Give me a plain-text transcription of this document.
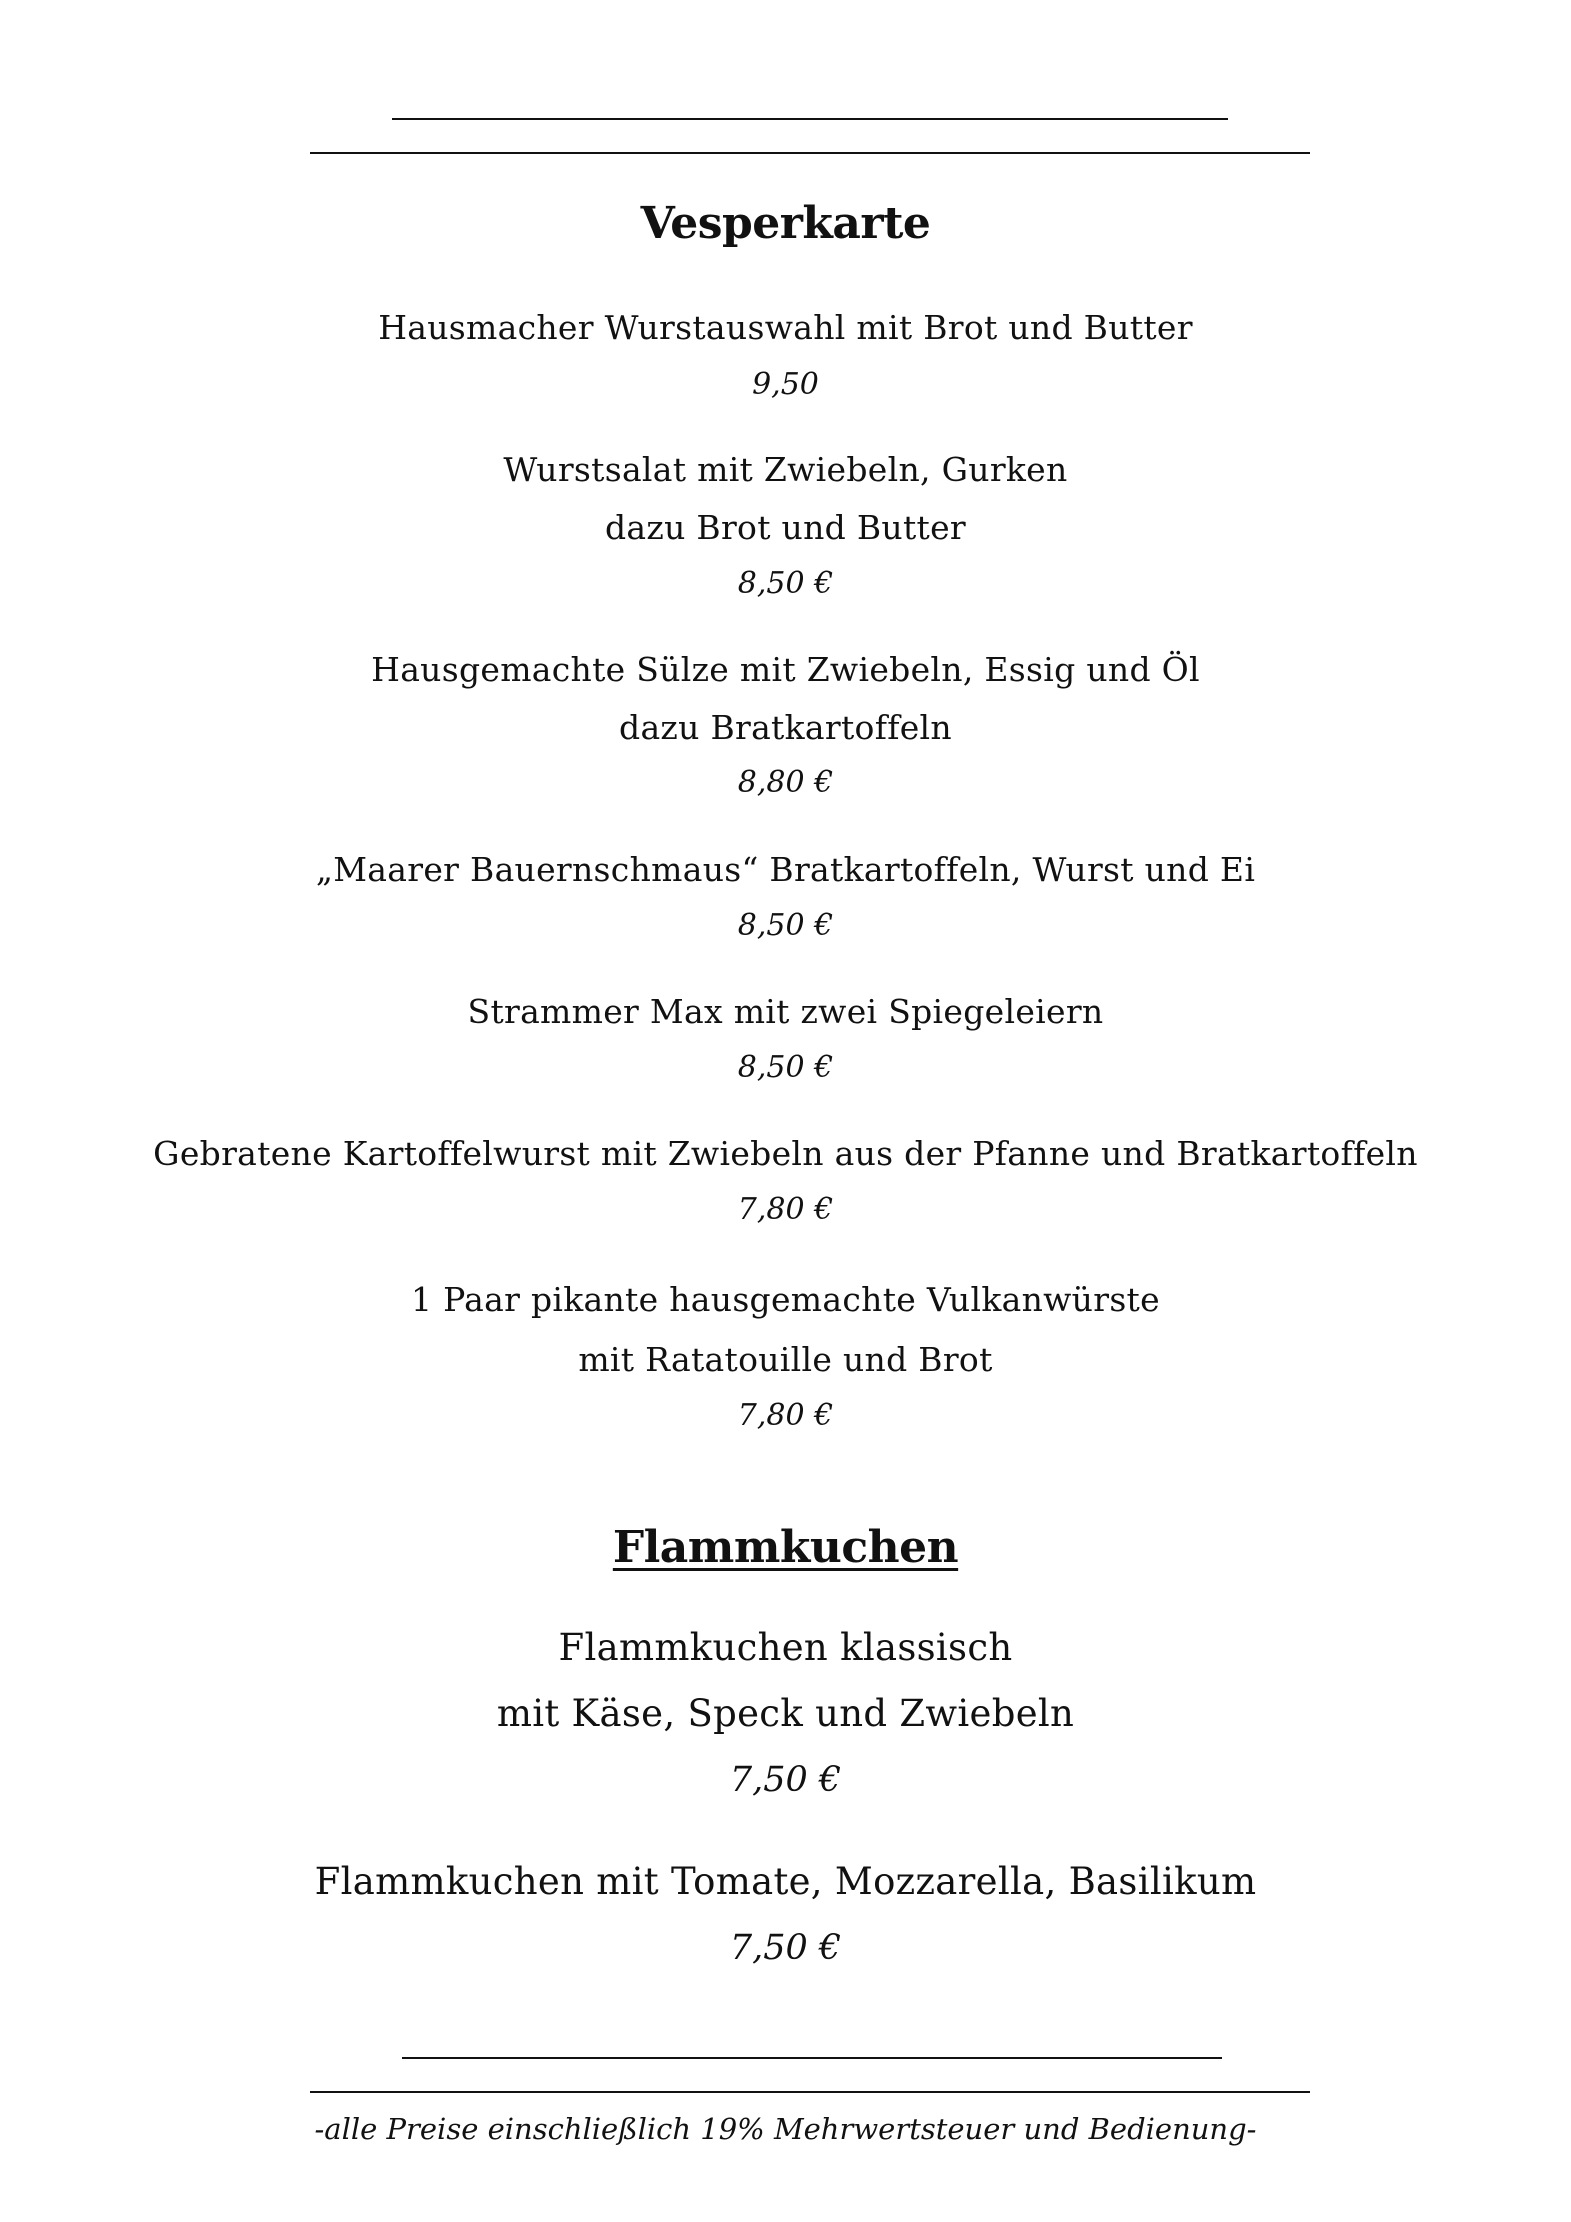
Vesperkarte
Hausmacher Wurstauswahl mit Brot und Butter
9,50
Wurstsalat mit Zwiebeln, Gurken
dazu Brot und Butter
8,50 €
Hausgemachte Sülze mit Zwiebeln, Essig und Öl
dazu Bratkartoffeln
8,80 €
„Maarer Bauernschmaus“ Bratkartoffeln, Wurst und Ei
8,50 €
Strammer Max mit zwei Spiegeleiern
8,50 €
Gebratene Kartoffelwurst mit Zwiebeln aus der Pfanne und Bratkartoffeln
7,80 €
1 Paar pikante hausgemachte Vulkanwürste
mit Ratatouille und Brot
7,80 €
Flammkuchen
Flammkuchen klassisch
mit Käse, Speck und Zwiebeln
7,50 €
Flammkuchen mit Tomate, Mozzarella, Basilikum
7,50 €
-alle Preise einschließlich 19% Mehrwertsteuer und Bedienung-
